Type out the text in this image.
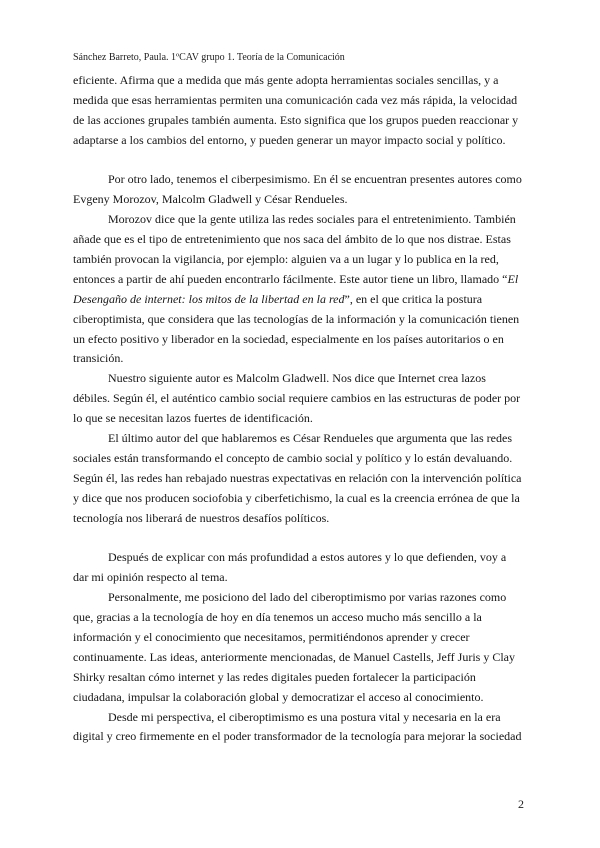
Sánchez Barreto, Paula. 1ºCAV grupo 1. Teoría de la Comunicación
eficiente. Afirma que a medida que más gente adopta herramientas sociales sencillas, y a
medida que esas herramientas permiten una comunicación cada vez más rápida, la velocidad
de las acciones grupales también aumenta. Esto significa que los grupos pueden reaccionar y
adaptarse a los cambios del entorno, y pueden generar un mayor impacto social y político.
Por otro lado, tenemos el ciberpesimismo. En él se encuentran presentes autores como
Evgeny Morozov, Malcolm Gladwell y César Rendueles.
Morozov dice que la gente utiliza las redes sociales para el entretenimiento. También
añade que es el tipo de entretenimiento que nos saca del ámbito de lo que nos distrae. Estas
también provocan la vigilancia, por ejemplo: alguien va a un lugar y lo publica en la red,
entonces a partir de ahí pueden encontrarlo fácilmente. Este autor tiene un libro, llamado “El
Desengaño de internet: los mitos de la libertad en la red”, en el que critica la postura
ciberoptimista, que considera que las tecnologías de la información y la comunicación tienen
un efecto positivo y liberador en la sociedad, especialmente en los países autoritarios o en
transición.
Nuestro siguiente autor es Malcolm Gladwell. Nos dice que Internet crea lazos
débiles. Según él, el auténtico cambio social requiere cambios en las estructuras de poder por
lo que se necesitan lazos fuertes de identificación.
El último autor del que hablaremos es César Rendueles que argumenta que las redes
sociales están transformando el concepto de cambio social y político y lo están devaluando.
Según él, las redes han rebajado nuestras expectativas en relación con la intervención política
y dice que nos producen sociofobia y ciberfetichismo, la cual es la creencia errónea de que la
tecnología nos liberará de nuestros desafíos políticos.
Después de explicar con más profundidad a estos autores y lo que defienden, voy a
dar mi opinión respecto al tema.
Personalmente, me posiciono del lado del ciberoptimismo por varias razones como
que, gracias a la tecnología de hoy en día tenemos un acceso mucho más sencillo a la
información y el conocimiento que necesitamos, permitiéndonos aprender y crecer
continuamente. Las ideas, anteriormente mencionadas, de Manuel Castells, Jeff Juris y Clay
Shirky resaltan cómo internet y las redes digitales pueden fortalecer la participación
ciudadana, impulsar la colaboración global y democratizar el acceso al conocimiento.
Desde mi perspectiva, el ciberoptimismo es una postura vital y necesaria en la era
digital y creo firmemente en el poder transformador de la tecnología para mejorar la sociedad
2
